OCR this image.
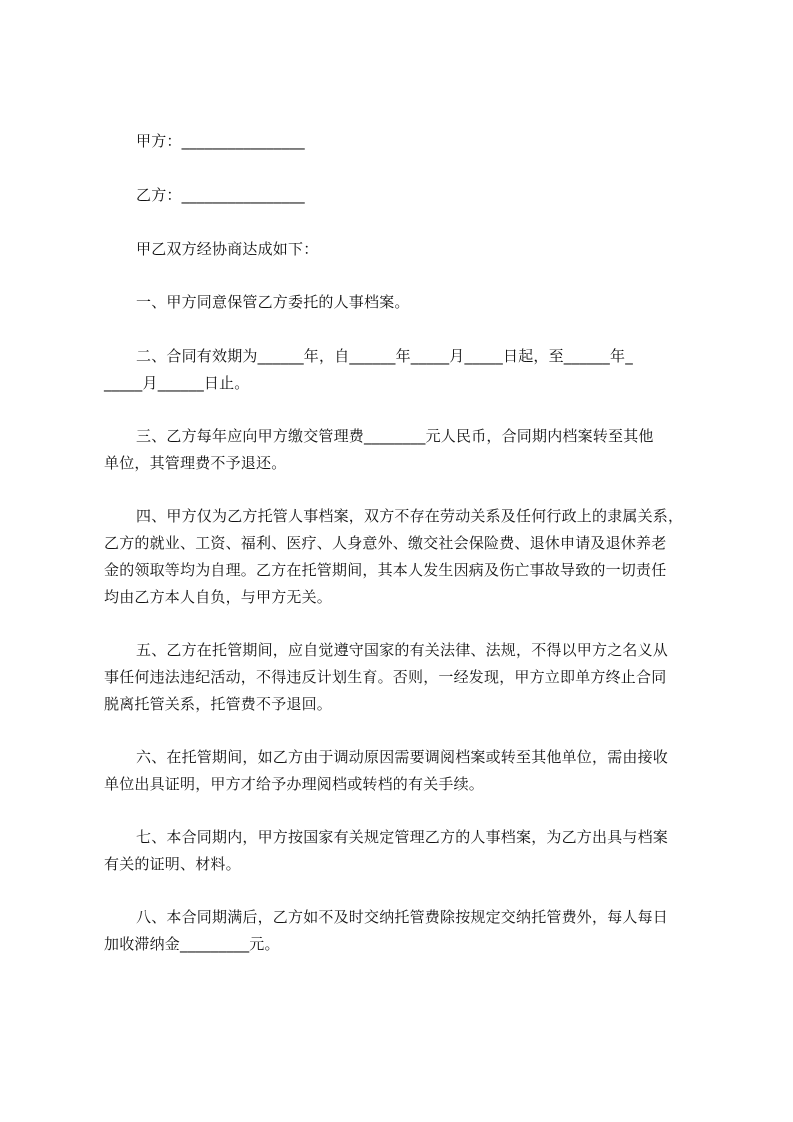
甲方：________________
乙方：________________
甲乙双方经协商达成如下：
一、甲方同意保管乙方委托的人事档案。
二、合同有效期为______年，自______年_____月_____日起，至______年_
_____月______日止。
三、乙方每年应向甲方缴交管理费________元人民币，合同期内档案转至其他
单位，其管理费不予退还。
四、甲方仅为乙方托管人事档案，双方不存在劳动关系及任何行政上的隶属关系，
乙方的就业、工资、福利、医疗、人身意外、缴交社会保险费、退休申请及退休养老
金的领取等均为自理。乙方在托管期间，其本人发生因病及伤亡事故导致的一切责任
均由乙方本人自负，与甲方无关。
五、乙方在托管期间，应自觉遵守国家的有关法律、法规，不得以甲方之名义从
事任何违法违纪活动，不得违反计划生育。否则，一经发现，甲方立即单方终止合同
脱离托管关系，托管费不予退回。
六、在托管期间，如乙方由于调动原因需要调阅档案或转至其他单位，需由接收
单位出具证明，甲方才给予办理阅档或转档的有关手续。
七、本合同期内，甲方按国家有关规定管理乙方的人事档案，为乙方出具与档案
有关的证明、材料。
八、本合同期满后，乙方如不及时交纳托管费除按规定交纳托管费外，每人每日
加收滞纳金_________元。
